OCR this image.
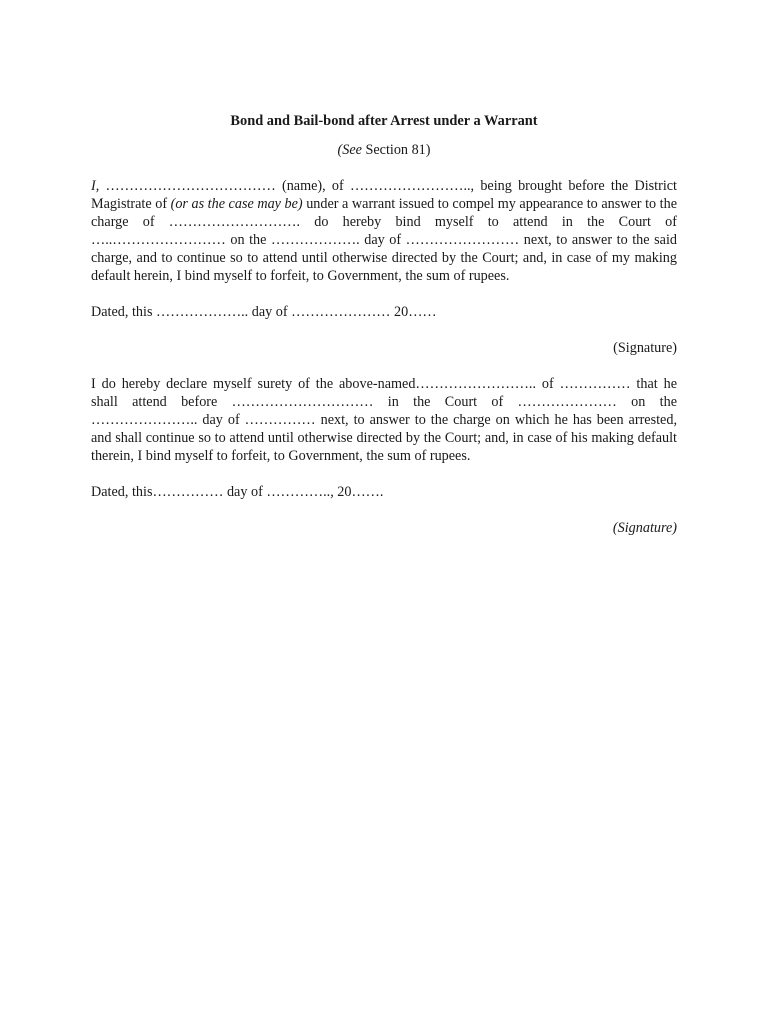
Bond and Bail-bond after Arrest under a Warrant
(See Section 81)
I, ……………………………… (name), of …………………….., being brought before the District Magistrate of (or as the case may be) under a warrant issued to compel my appearance to answer to the charge of ………………………. do hereby bind myself to attend in the Court of …..…………………… on the ………………. day of …………………… next, to answer to the said charge, and to continue so to attend until otherwise directed by the Court; and, in case of my making default herein, I bind myself to forfeit, to Government, the sum of rupees.
Dated, this ……………….. day of ………………… 20……
(Signature)
I do hereby declare myself surety of the above-named…………………….. of …………… that he shall attend before ………………………… in the Court of ………………… on the ………………….. day of …………… next, to answer to the charge on which he has been arrested, and shall continue so to attend until otherwise directed by the Court; and, in case of his making default therein, I bind myself to forfeit, to Government, the sum of rupees.
Dated, this…………… day of ………….., 20…….
(Signature)
